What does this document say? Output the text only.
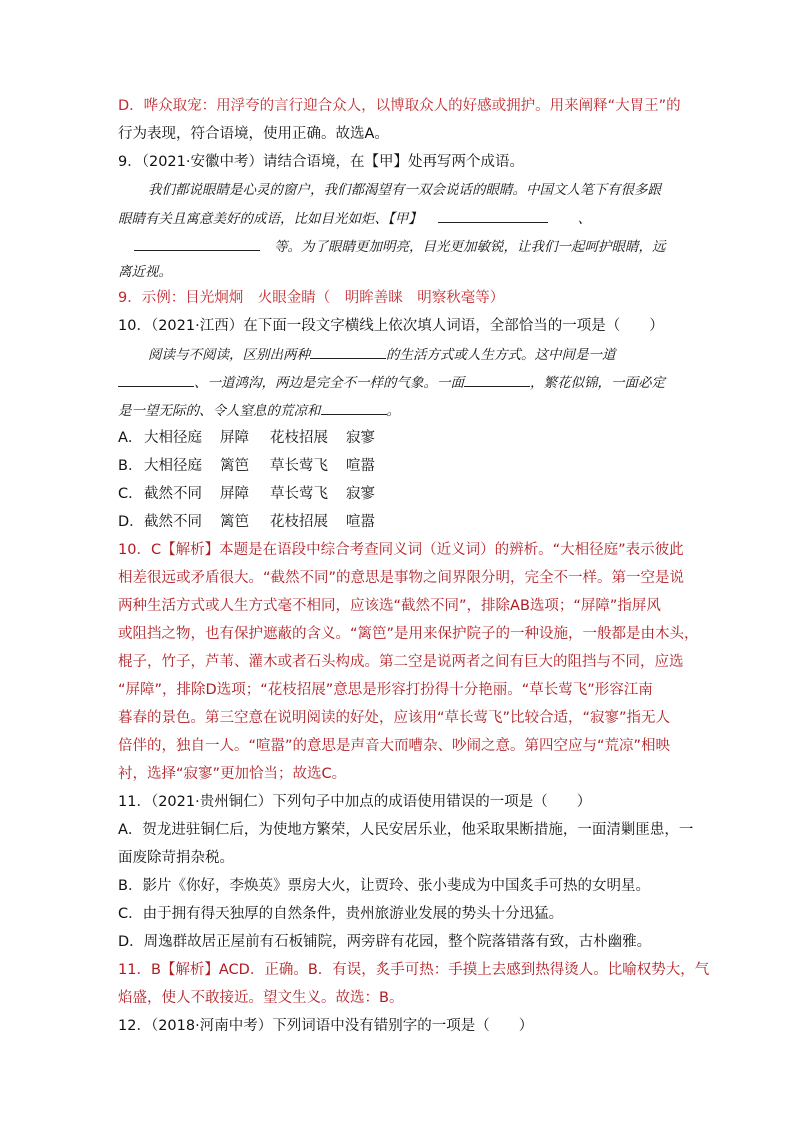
D．哗众取宠：用浮夸的言行迎合众人，以博取众人的好感或拥护。用来阐释“大胃王”的
行为表现，符合语境，使用正确。故选A。
9．（2021·安徽中考）请结合语境，在【甲】处再写两个成语。
我们都说眼睛是心灵的窗户，我们都渴望有一双会说话的眼睛。中国文人笔下有很多跟
眼睛有关且寓意美好的成语，比如目光如炬、【甲】	、
等。为了眼睛更加明亮，目光更加敏锐，让我们一起呵护眼睛，远
离近视。
9．示例：目光炯炯　火眼金睛（　明眸善睐　明察秋毫等）
10．（2021·江西）在下面一段文字横线上依次填人词语，全部恰当的一项是（　　）
阅读与不阅读，区别出两种	的生活方式或人生方式。这中间是一道
、一道鸿沟，两边是完全不一样的气象。一面	，繁花似锦，一面必定
是一望无际的、令人窒息的荒凉和	。
A． 大相径庭 屏障 花枝招展 寂寥
B． 大相径庭 篱笆 草长莺飞 喧嚣
C．截然不同 屏障 草长莺飞 寂寥
D．截然不同 篱笆 花枝招展 喧嚣
10．C【解析】本题是在语段中综合考查同义词（近义词）的辨析。“大相径庭”表示彼此
相差很远或矛盾很大。“截然不同”的意思是事物之间界限分明，完全不一样。第一空是说
两种生活方式或人生方式毫不相同，应该选“截然不同”，排除AB选项；“屏障”指屏风
或阻挡之物，也有保护遮蔽的含义。“篱笆”是用来保护院子的一种设施，一般都是由木头，
棍子，竹子，芦苇、灌木或者石头构成。第二空是说两者之间有巨大的阻挡与不同，应选
“屏障”，排除D选项；“花枝招展”意思是形容打扮得十分艳丽。“草长莺飞”形容江南
暮春的景色。第三空意在说明阅读的好处，应该用“草长莺飞”比较合适，“寂寥”指无人
倍伴的，独自一人。“喧嚣”的意思是声音大而嘈杂、吵闹之意。第四空应与“荒凉”相映
衬，选择“寂寥”更加恰当；故选C。
11．（2021·贵州铜仁）下列句子中加点的成语使用错误的一项是（　　）
A．贺龙进驻铜仁后，为使地方繁荣，人民安居乐业，他采取果断措施，一面清剿匪患，一
面废除苛捐杂税。
B．影片《你好，李焕英》票房大火，让贾玲、张小斐成为中国炙手可热的女明星。
C．由于拥有得天独厚的自然条件，贵州旅游业发展的势头十分迅猛。
D．周逸群故居正屋前有石板铺院，两旁辟有花园，整个院落错落有致，古朴幽雅。
11．B【解析】ACD．正确。B．有误，炙手可热：手摸上去感到热得烫人。比喻权势大，气
焰盛，使人不敢接近。望文生义。故选：B。
12．（2018·河南中考）下列词语中没有错别字的一项是（　　）
